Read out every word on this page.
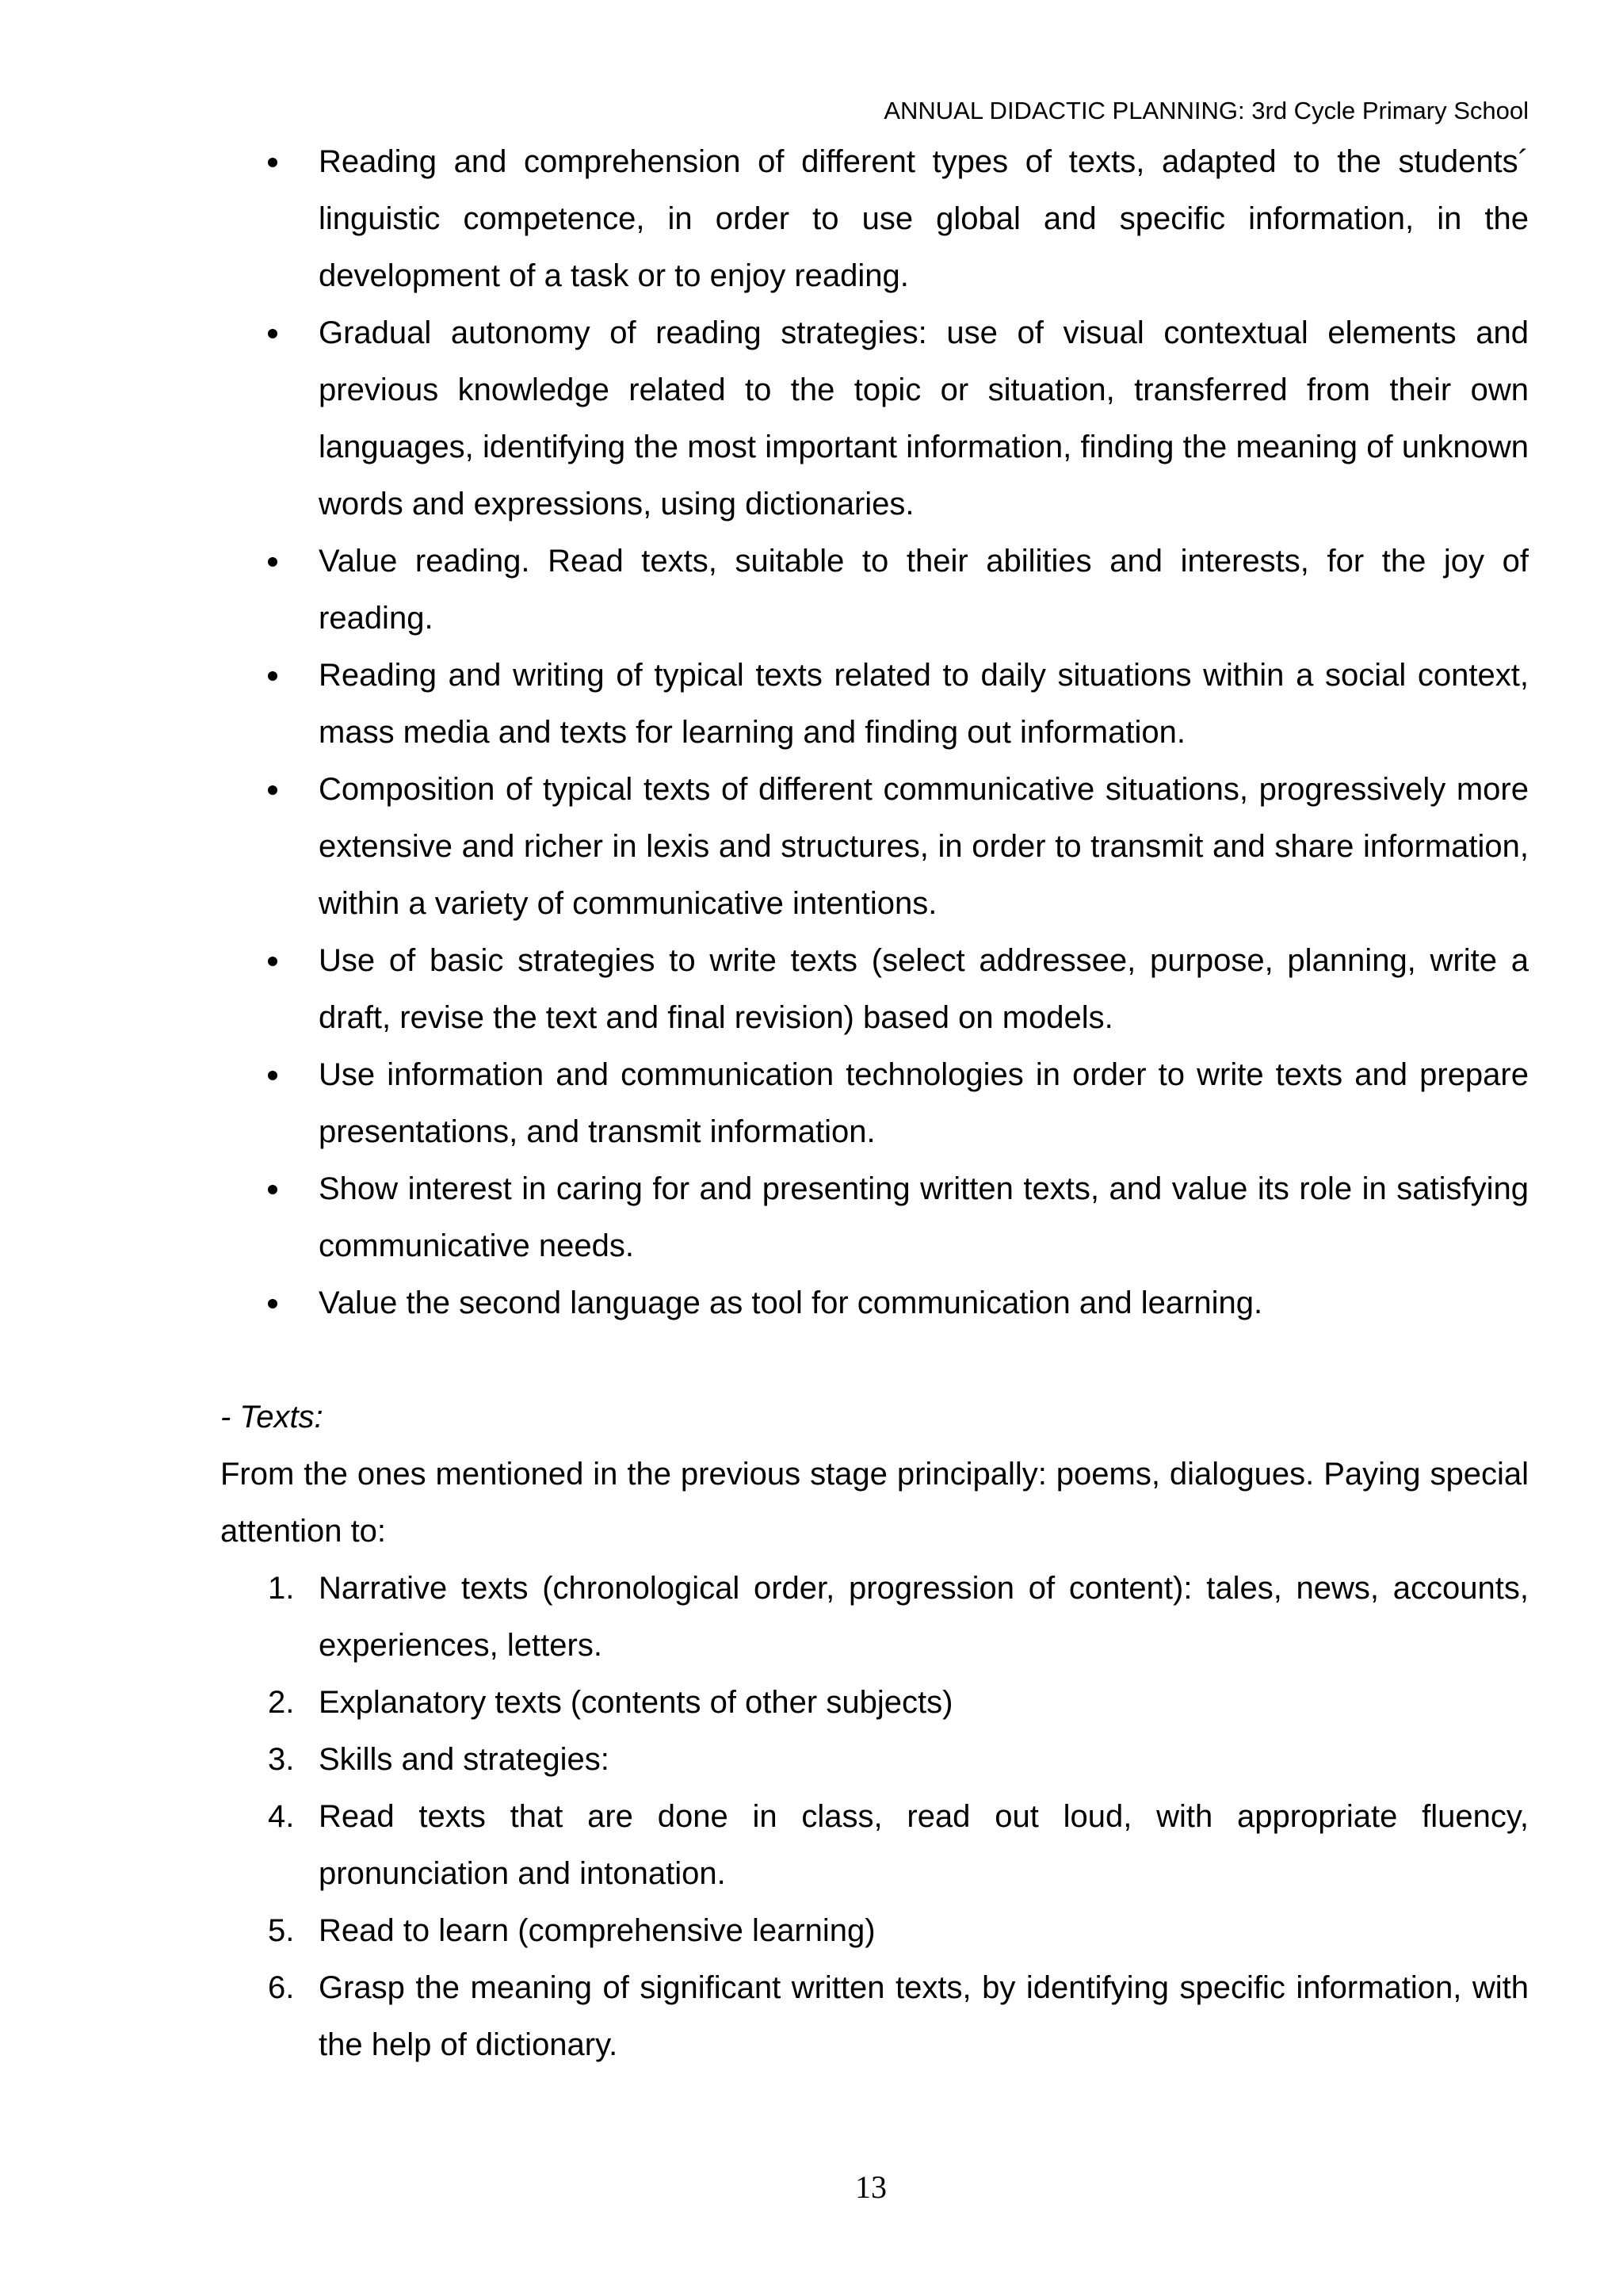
ANNUAL DIDACTIC PLANNING: 3rd Cycle Primary School
Reading and comprehension of different types of texts, adapted to the students´ linguistic competence, in order to use global and specific information, in the development of a task or to enjoy reading.
Gradual autonomy of reading strategies: use of visual contextual elements and previous knowledge related to the topic or situation, transferred from their own languages, identifying the most important information, finding the meaning of unknown words and expressions, using dictionaries.
Value reading. Read texts, suitable to their abilities and interests, for the joy of reading.
Reading and writing of typical texts related to daily situations within a social context, mass media and texts for learning and finding out information.
Composition of typical texts of different communicative situations, progressively more extensive and richer in lexis and structures, in order to transmit and share information, within a variety of communicative intentions.
Use of basic strategies to write texts (select addressee, purpose, planning, write a draft, revise the text and final revision) based on models.
Use information and communication technologies in order to write texts and prepare presentations, and transmit information.
Show interest in caring for and presenting written texts, and value its role in satisfying communicative needs.
Value the second language as tool for communication and learning.
- Texts:

From the ones mentioned in the previous stage principally: poems, dialogues. Paying special attention to:

1. Narrative texts (chronological order, progression of content): tales, news, accounts, experiences, letters.
2. Explanatory texts (contents of other subjects)
3. Skills and strategies:
4. Read texts that are done in class, read out loud, with appropriate fluency, pronunciation and intonation.
5. Read to learn (comprehensive learning)
6. Grasp the meaning of significant written texts, by identifying specific information, with the help of dictionary.
13
